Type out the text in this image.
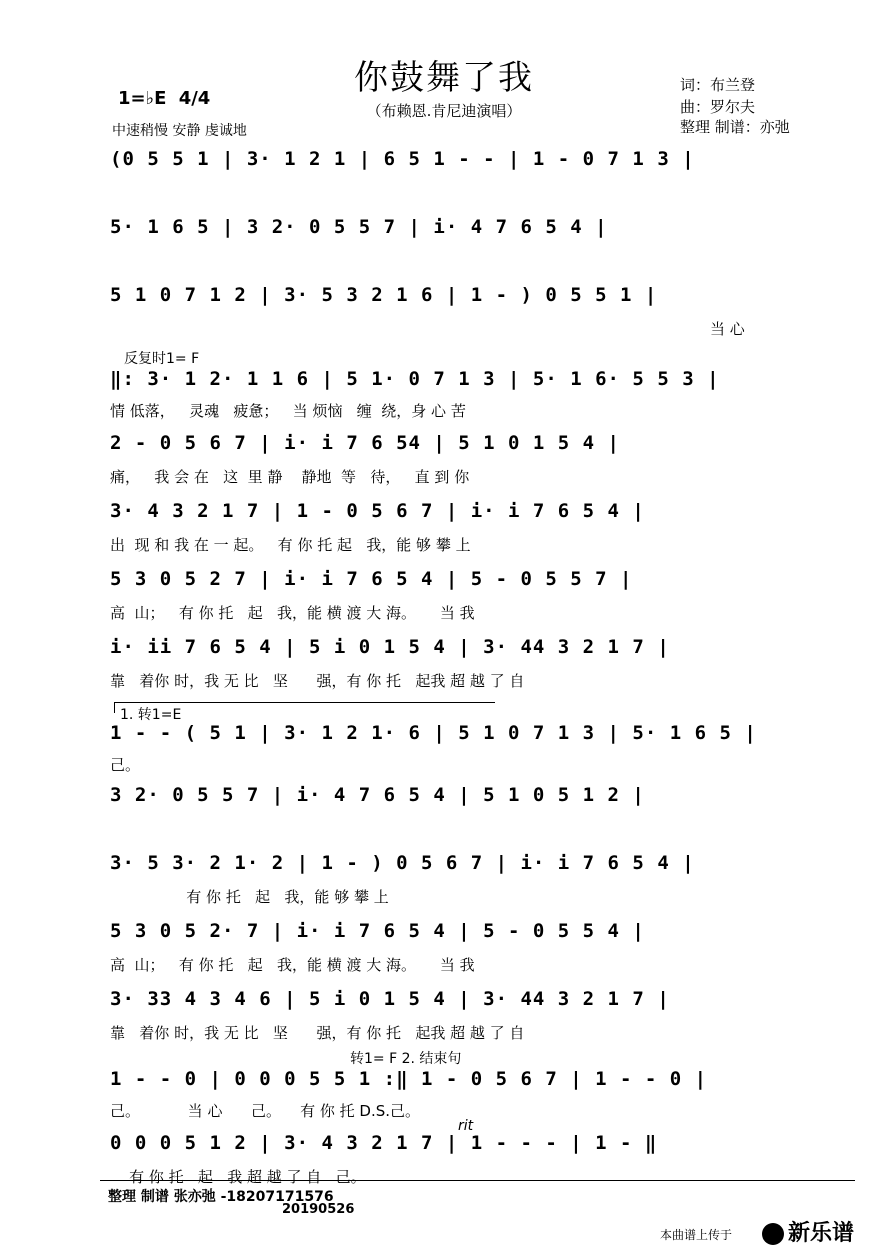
你鼓舞了我
（布赖恩.肯尼迪演唱）
1=♭E 4/4
中速稍慢 安静 虔诚地
词：布兰登
曲：罗尔夫
整理 制谱：亦弛
(0 5 5 1 | 3· 1 2 1 | 6 5 1 - - | 1 - 0 7 1 3 |
5· 1 6 5 | 3 2· 0 5 5 7 | i· 4 7 6 5 4 |
5 1 0 7 1 2 | 3· 5 3 2 1 6 | 1 - ) 0 5 5 1 |
当 心
反复时1= F
‖: 3· 1 2· 1 1 6 | 5 1· 0 7 1 3 | 5· 1 6· 5 5 3 |
情 低落，   灵魂   疲惫；   当 烦恼   缠  绕，身 心 苦
2 - 0 5 6 7 | i· i 7 6 54 | 5 1 0 1 5 4 |
痛，   我 会 在   这  里 静    静地  等   待，   直 到 你
3· 4 3 2 1 7 | 1 - 0 5 6 7 | i· i 7 6 5 4 |
出  现 和 我 在 一 起。   有 你 托 起   我，能 够 攀 上
5 3 0 5 2 7 | i· i 7 6 5 4 | 5 - 0 5 5 7 |
高  山；   有 你 托   起   我，能 横 渡 大 海。     当 我
i· ii 7 6 5 4 | 5 i 0 1 5 4 | 3· 44 3 2 1 7 |
靠   着你 时，我 无 比   坚      强，有 你 托   起我 超 越 了 自
1. 转1=E
1 - - ( 5 1 | 3· 1 2 1· 6 | 5 1 0 7 1 3 | 5· 1 6 5 |
己。
3 2· 0 5 5 7 | i· 4 7 6 5 4 | 5 1 0 5 1 2 |
3· 5 3· 2 1· 2 | 1 - ) 0 5 6 7 | i· i 7 6 5 4 |
有 你 托   起   我，能 够 攀 上
5 3 0 5 2· 7 | i· i 7 6 5 4 | 5 - 0 5 5 4 |
高  山；   有 你 托   起   我，能 横 渡 大 海。     当 我
3· 33 4 3 4 6 | 5 i 0 1 5 4 | 3· 44 3 2 1 7 |
靠   着你 时，我 无 比   坚      强，有 你 托   起我 超 越 了 自
转1= F 2. 结束句
1 - - 0 | 0 0 0 5 5 1 :‖ 1 - 0 5 6 7 | 1 - - 0 |
己。          当 心      己。    有 你 托 D.S.己。
rit
0 0 0 5 1 2 | 3· 4 3 2 1 7 | 1 - - - | 1 - ‖
有 你 托   起   我 超 越 了 自   己。
整理 制谱 张亦弛 -18207171576
20190526
本曲谱上传于	新乐谱
